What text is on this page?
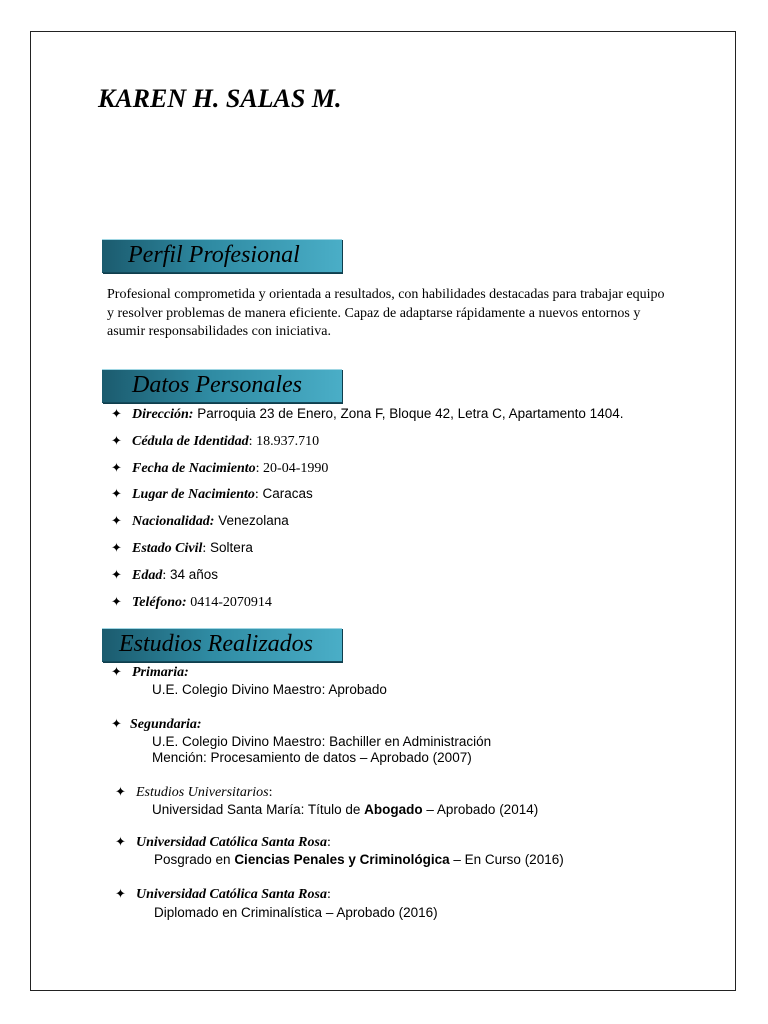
KAREN H. SALAS M.
Perfil Profesional

Profesional comprometida y orientada a resultados, con habilidades destacadas para trabajar equipo y resolver problemas de manera eficiente. Capaz de adaptarse rápidamente a nuevos entornos y asumir responsabilidades con iniciativa.

Datos Personales
✦ Dirección: Parroquia 23 de Enero, Zona F, Bloque 42, Letra C, Apartamento 1404.
✦ Cédula de Identidad: 18.937.710
✦ Fecha de Nacimiento: 20-04-1990
✦ Lugar de Nacimiento: Caracas
✦ Nacionalidad: Venezolana
✦ Estado Civil: Soltera
✦ Edad: 34 años
✦ Teléfono: 0414-2070914
Estudios Realizados
✦ Primaria:
U.E. Colegio Divino Maestro: Aprobado
✦ Segundaria:
U.E. Colegio Divino Maestro: Bachiller en Administración
Mención: Procesamiento de datos – Aprobado (2007)
✦ Estudios Universitarios:
Universidad Santa María: Título de Abogado – Aprobado (2014)
✦ Universidad Católica Santa Rosa:
Posgrado en Ciencias Penales y Criminológica – En Curso (2016)
✦ Universidad Católica Santa Rosa:
Diplomado en Criminalística – Aprobado (2016)
